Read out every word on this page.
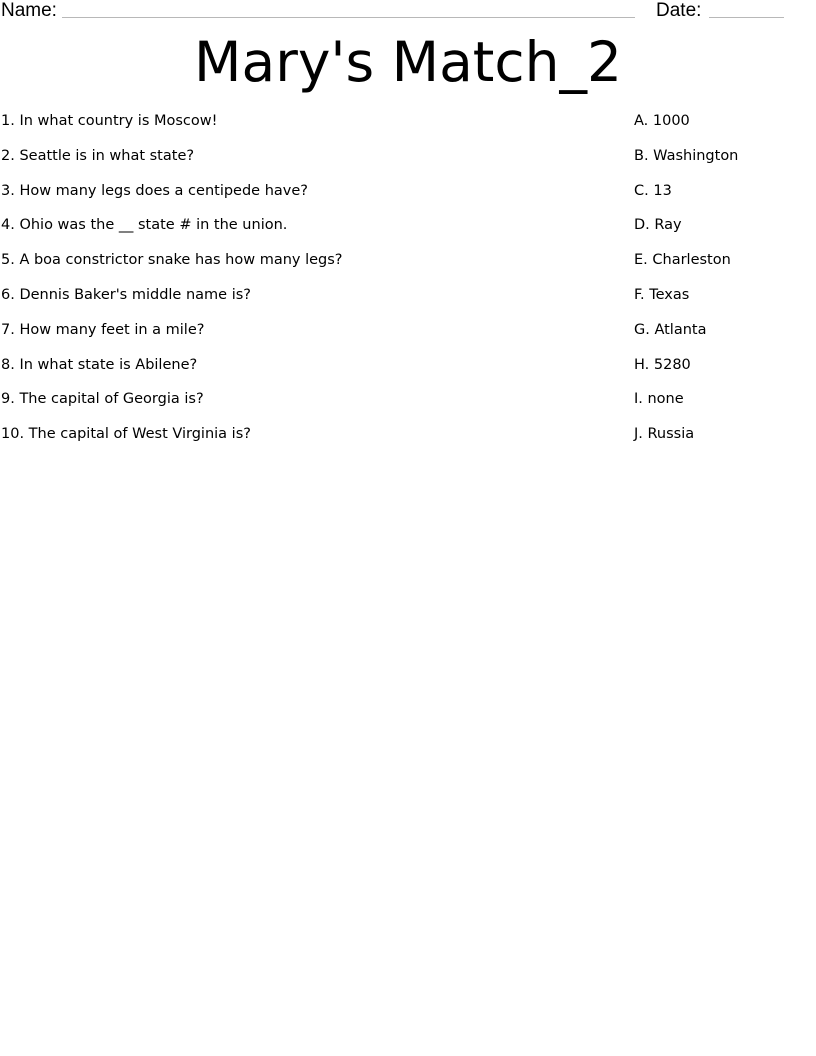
Name:	Date:
Mary's Match_2
1. In what country is Moscow!
2. Seattle is in what state?
3. How many legs does a centipede have?
4. Ohio was the __ state # in the union.
5. A boa constrictor snake has how many legs?
6. Dennis Baker's middle name is?
7. How many feet in a mile?
8. In what state is Abilene?
9. The capital of Georgia is?
10. The capital of West Virginia is?
A. 1000
B. Washington
C. 13
D. Ray
E. Charleston
F. Texas
G. Atlanta
H. 5280
I. none
J. Russia
